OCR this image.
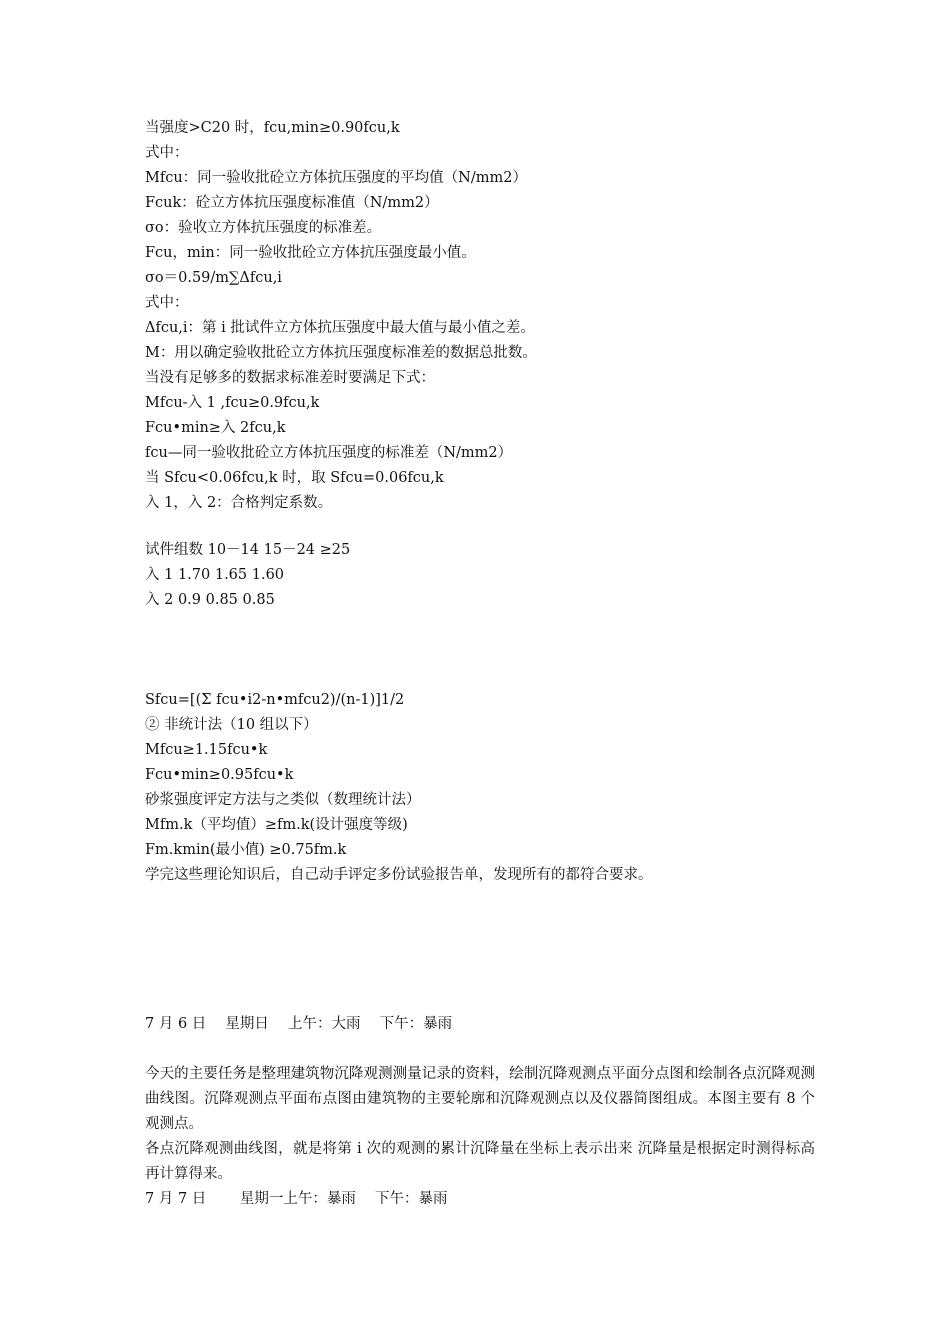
当强度>C20 时，fcu,min≥0.90fcu,k
式中：
Mfcu：同一验收批砼立方体抗压强度的平均值（N/mm2）
Fcuk：砼立方体抗压强度标准值（N/mm2）
σo：验收立方体抗压强度的标准差。
Fcu，min：同一验收批砼立方体抗压强度最小值。
σo＝0.59/m∑Δfcu,i
式中：
Δfcu,i：第 i 批试件立方体抗压强度中最大值与最小值之差。
M：用以确定验收批砼立方体抗压强度标准差的数据总批数。
当没有足够多的数据求标准差时要满足下式：
Mfcu-入 1 ,fcu≥0.9fcu,k
Fcu•min≥入 2fcu,k
fcu—同一验收批砼立方体抗压强度的标准差（N/mm2）
当 Sfcu<0.06fcu,k 时，取 Sfcu=0.06fcu,k
入 1，入 2：合格判定系数。
试件组数 10－14 15－24 ≥25
入 1 1.70 1.65 1.60
入 2 0.9 0.85 0.85
Sfcu=[(Σ fcu•i2-n•mfcu2)/(n-1)]1/2
② 非统计法（10 组以下）
Mfcu≥1.15fcu•k
Fcu•min≥0.95fcu•k
砂浆强度评定方法与之类似（数理统计法）
Mfm.k（平均值）≥fm.k(设计强度等级)
Fm.kmin(最小值) ≥0.75fm.k
学完这些理论知识后，自己动手评定多份试验报告单，发现所有的都符合要求。
7 月 6 日　 星期日　 上午：大雨　 下午：暴雨
今天的主要任务是整理建筑物沉降观测测量记录的资料，绘制沉降观测点平面分点图和绘制各点沉降观测曲线图。沉降观测点平面布点图由建筑物的主要轮廓和沉降观测点以及仪器简图组成。本图主要有 8 个观测点。
各点沉降观测曲线图，就是将第 i 次的观测的累计沉降量在坐标上表示出来 沉降量是根据定时测得标高再计算得来。
7 月 7 日　　 星期一上午：暴雨　 下午：暴雨
